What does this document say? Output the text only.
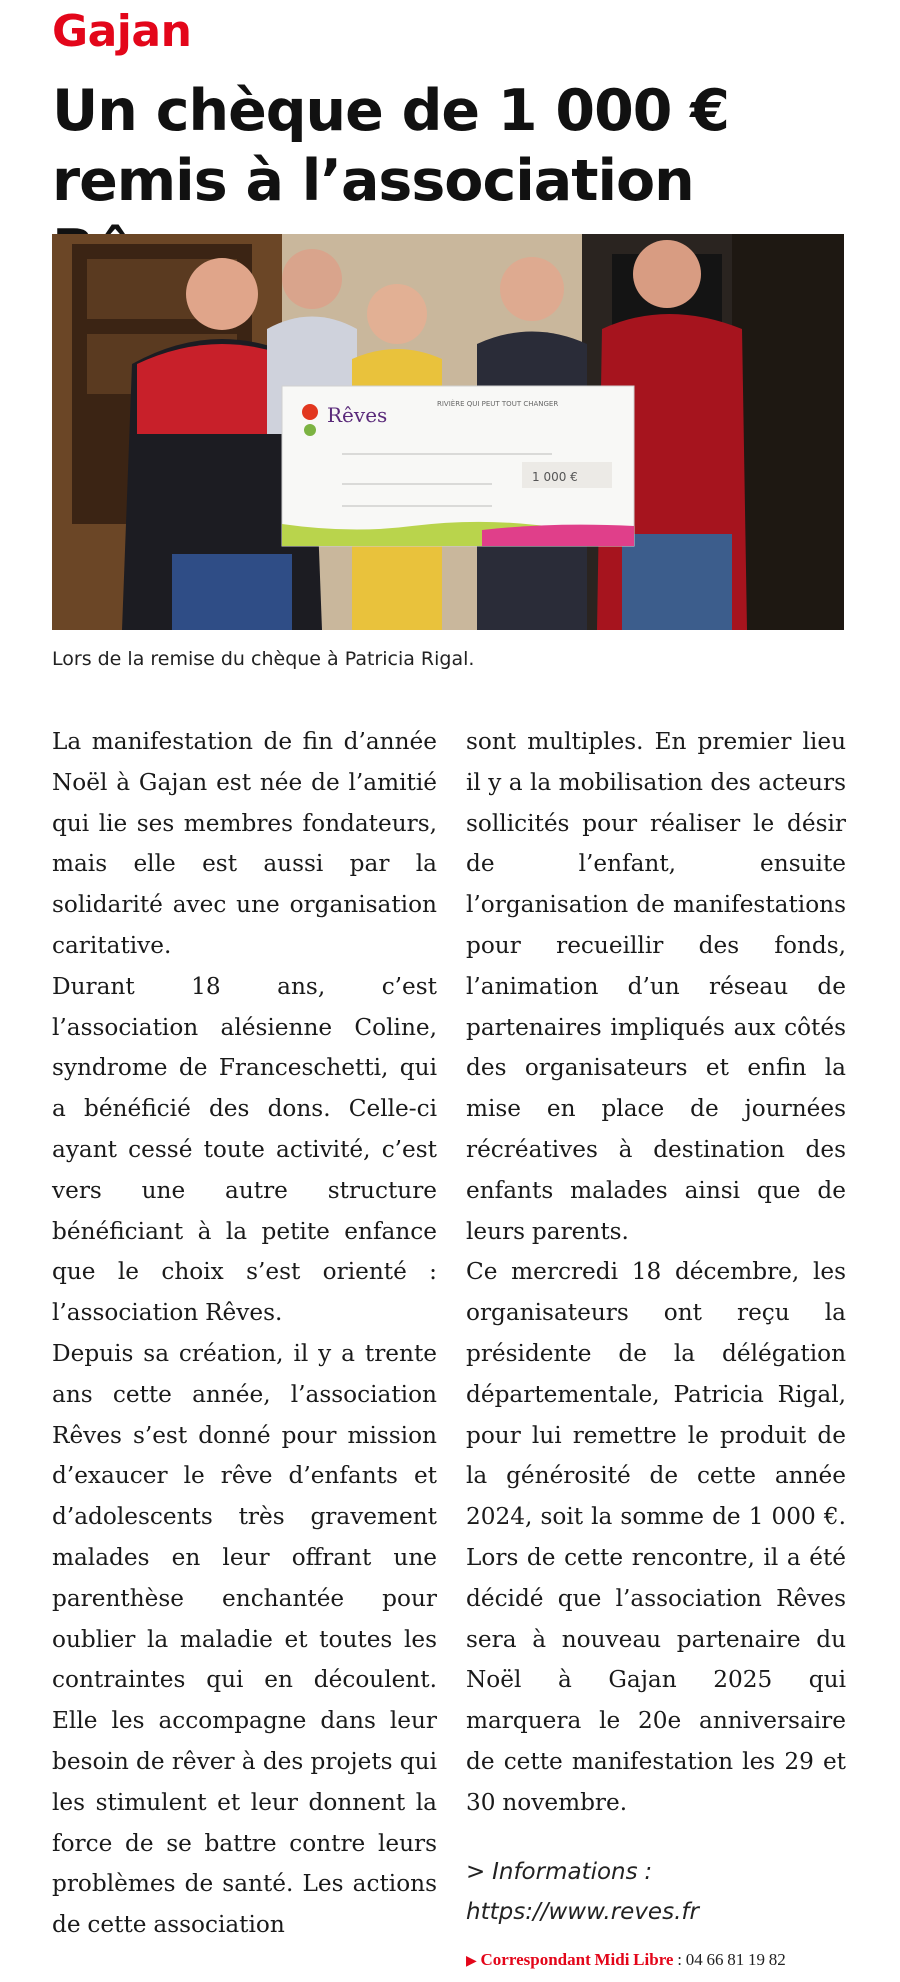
Gajan
Un chèque de 1 000 € remis à l’association
Rêves	RIVIÈRE QUI PEUT TOUT CHANGER
1 000 €
Lors de la remise du chèque à Patricia Rigal.

La manifestation de fin d’année Noël à Gajan est née de l’amitié qui lie ses membres fondateurs, mais elle est aussi par la solidarité avec une organisation caritative.

Durant 18 ans, c’est l’association alésienne Coline, syndrome de Franceschetti, qui a bénéficié des dons. Celle-ci ayant cessé toute activité, c’est vers une autre structure bénéficiant à la petite enfance que le choix s’est orienté : l’association Rêves.

Depuis sa création, il y a trente ans cette année, l’association Rêves s’est donné pour mission d’exaucer le rêve d’enfants et d’adolescents très gravement malades en leur offrant une parenthèse enchantée pour oublier la maladie et toutes les contraintes qui en découlent. Elle les accompagne dans leur besoin de rêver à des projets qui les stimulent et leur donnent la force de se battre contre leurs problèmes de santé. Les actions de cette association

sont multiples. En premier lieu il y a la mobilisation des acteurs sollicités pour réaliser le désir de l’enfant, ensuite l’organisation de manifestations pour recueillir des fonds, l’animation d’un réseau de partenaires impliqués aux côtés des organisateurs et enfin la mise en place de journées récréatives à destination des enfants malades ainsi que de leurs parents.

Ce mercredi 18 décembre, les organisateurs ont reçu la présidente de la délégation départementale, Patricia Rigal, pour lui remettre le produit de la générosité de cette année 2024, soit la somme de 1 000 €. Lors de cette rencontre, il a été décidé que l’association Rêves sera à nouveau partenaire du Noël à Gajan 2025 qui marquera le 20e anniversaire de cette manifestation les 29 et 30 novembre.

> Informations :
https://www.reves.fr
▶ Correspondant Midi Libre : 04 66 81 19 82
